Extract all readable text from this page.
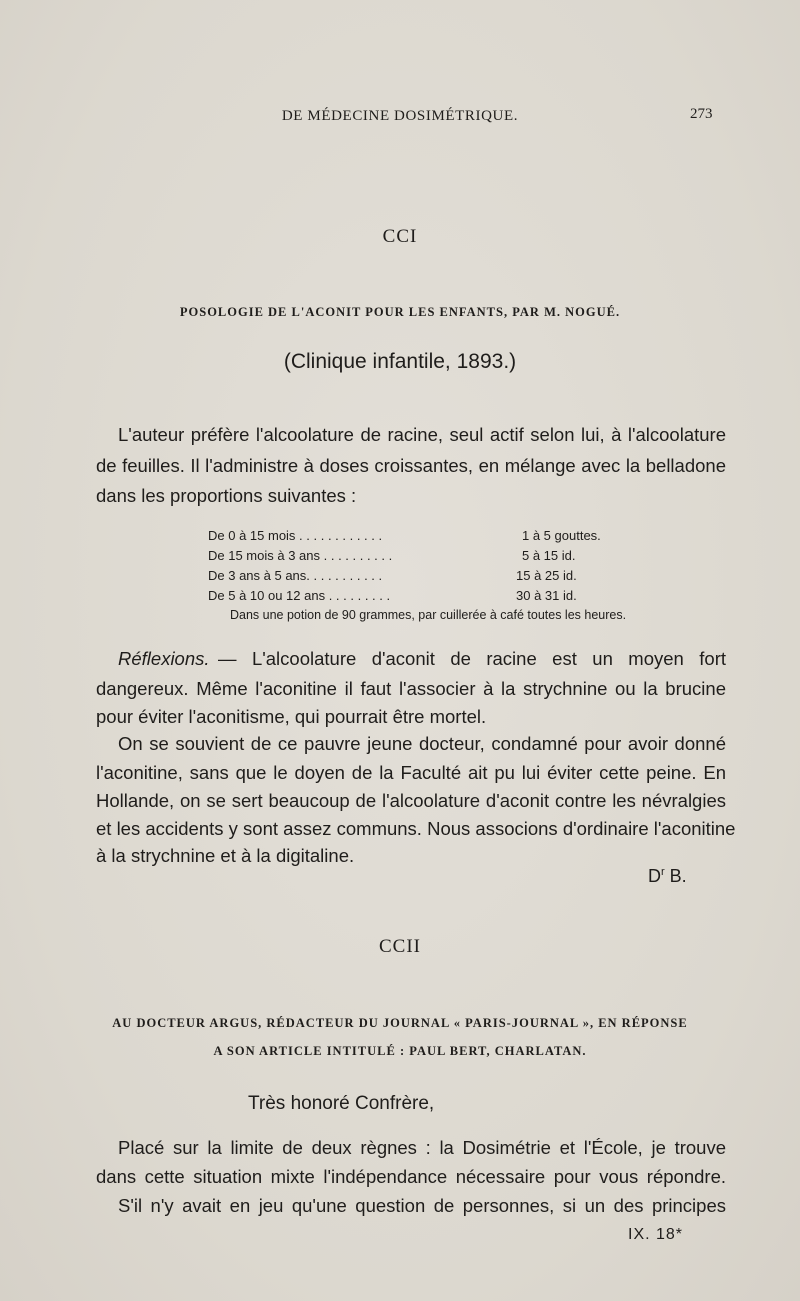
DE MÉDECINE DOSIMÉTRIQUE.	273
CCI
POSOLOGIE DE L'ACONIT POUR LES ENFANTS, PAR M. NOGUÉ.
(Clinique infantile, 1893.)
L'auteur préfère l'alcoolature de racine, seul actif selon lui, à l'alcoolature
de feuilles. Il l'administre à doses croissantes, en mélange avec la belladone
dans les proportions suivantes :
De 0 à 15 mois . . . . . . . . . . . .	1 à 5 gouttes.
De 15 mois à 3 ans . . . . . . . . . .	5 à 15 id.
De 3 ans à 5 ans. . . . . . . . . . .	15 à 25 id.
De 5 à 10 ou 12 ans . . . . . . . . .	30 à 31 id.
Dans une potion de 90 grammes, par cuillerée à café toutes les heures.
Réflexions. — L'alcoolature d'aconit de racine est un moyen fort
dangereux. Même l'aconitine il faut l'associer à la strychnine ou la brucine
pour éviter l'aconitisme, qui pourrait être mortel.
On se souvient de ce pauvre jeune docteur, condamné pour avoir donné
l'aconitine, sans que le doyen de la Faculté ait pu lui éviter cette peine. En
Hollande, on se sert beaucoup de l'alcoolature d'aconit contre les névralgies
et les accidents y sont assez communs. Nous associons d'ordinaire l'aconitine
à la strychnine et à la digitaline.
$D^r$ B.
CCII
AU DOCTEUR ARGUS, RÉDACTEUR DU JOURNAL « PARIS-JOURNAL », EN RÉPONSE
A SON ARTICLE INTITULÉ : PAUL BERT, CHARLATAN.
Très honoré Confrère,
Placé sur la limite de deux règnes : la Dosimétrie et l'École, je trouve
dans cette situation mixte l'indépendance nécessaire pour vous répondre.
S'il n'y avait en jeu qu'une question de personnes, si un des principes
IX. 18*
